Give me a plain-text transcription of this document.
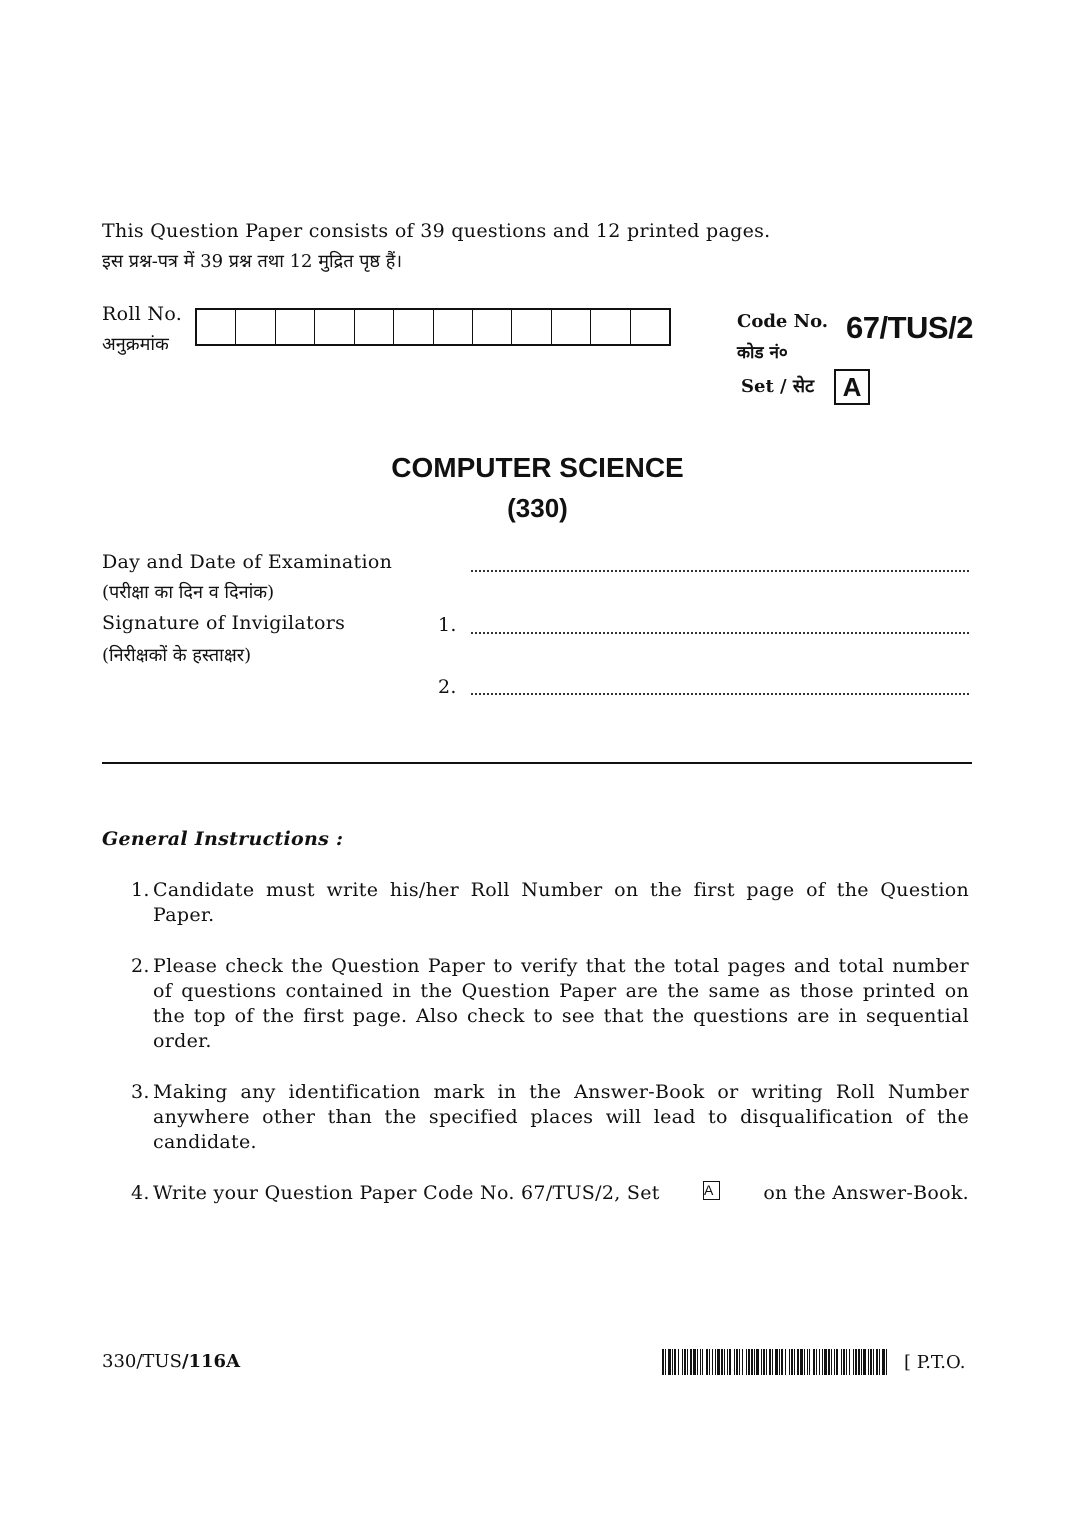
This Question Paper consists of 39 questions and 12 printed pages.
इस प्रश्न-पत्र में 39 प्रश्न तथा 12 मुद्रित पृष्ठ हैं।
Roll No.
अनुक्रमांक
Code No.
कोड नं०
67/TUS/2
Set / सेट	A
COMPUTER SCIENCE
(330)
Day and Date of Examination
(परीक्षा का दिन व दिनांक)
Signature of Invigilators
(निरीक्षकों के हस्ताक्षर)
1.
2.
General Instructions :
1. Candidate must write his/her Roll Number on the first page of the Question Paper.
2. Please check the Question Paper to verify that the total pages and total number of questions contained in the Question Paper are the same as those printed on the top of the first page. Also check to see that the questions are in sequential order.
3. Making any identification mark in the Answer-Book or writing Roll Number anywhere other than the specified places will lead to disqualification of the candidate.
4. Write your Question Paper Code No. 67/TUS/2, Set	A	on the Answer-Book.
330/TUS/116A	[ P.T.O.
